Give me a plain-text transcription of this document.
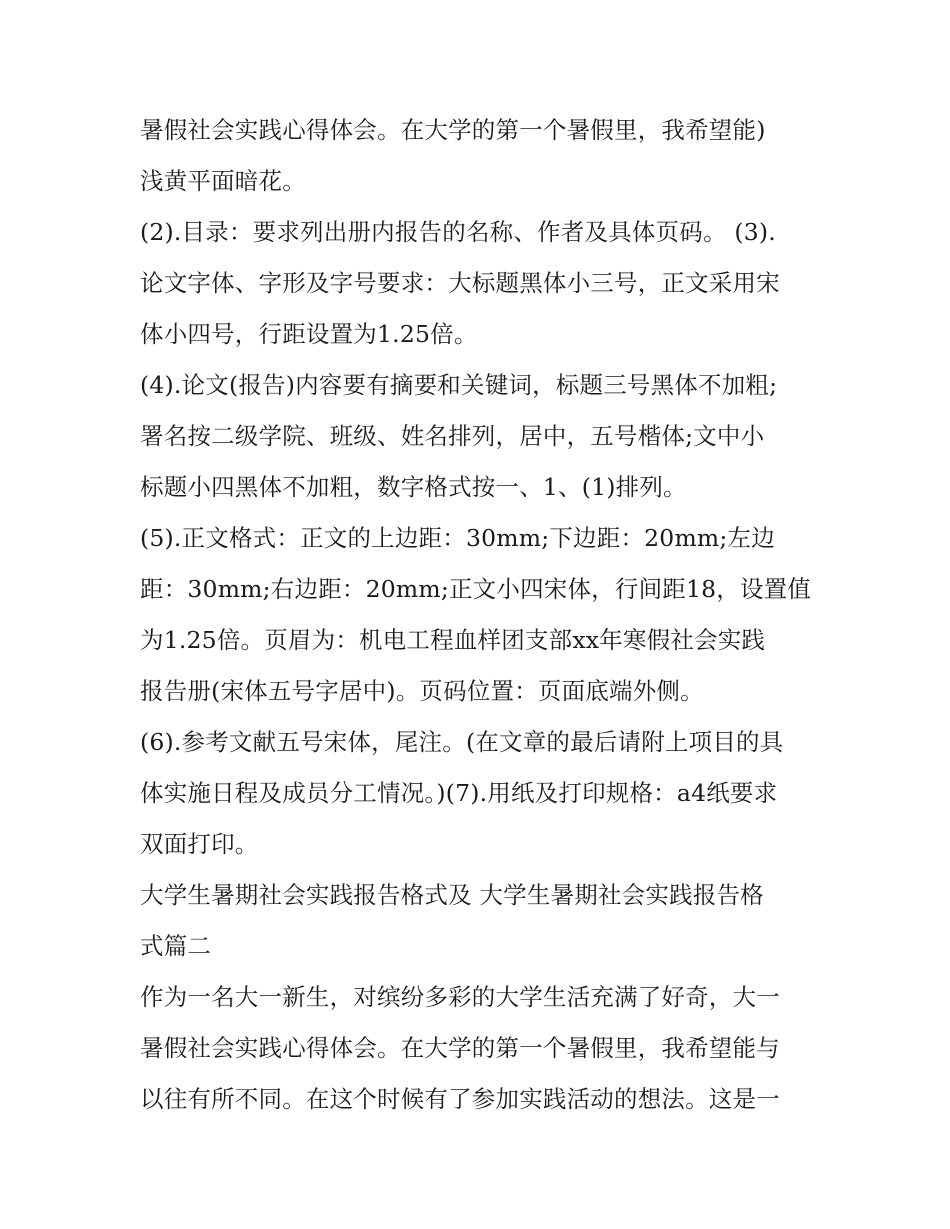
暑假社会实践心得体会。在大学的第一个暑假里，我希望能)
浅黄平面暗花。
(2).目录：要求列出册内报告的名称、作者及具体页码。 (3).
论文字体、字形及字号要求：大标题黑体小三号，正文采用宋
体小四号，行距设置为1.25倍。
(4).论文(报告)内容要有摘要和关键词，标题三号黑体不加粗;
署名按二级学院、班级、姓名排列，居中，五号楷体;文中小
标题小四黑体不加粗，数字格式按一、1、(1)排列。
(5).正文格式：正文的上边距：30mm;下边距：20mm;左边
距：30mm;右边距：20mm;正文小四宋体，行间距18，设置值
为1.25倍。页眉为：机电工程血样团支部xx年寒假社会实践
报告册(宋体五号字居中)。页码位置：页面底端外侧。
(6).参考文献五号宋体，尾注。(在文章的最后请附上项目的具
体实施日程及成员分工情况。)(7).用纸及打印规格：a4纸要求
双面打印。
大学生暑期社会实践报告格式及 大学生暑期社会实践报告格
式篇二
作为一名大一新生，对缤纷多彩的大学生活充满了好奇，大一
暑假社会实践心得体会。在大学的第一个暑假里，我希望能与
以往有所不同。在这个时候有了参加实践活动的想法。这是一
